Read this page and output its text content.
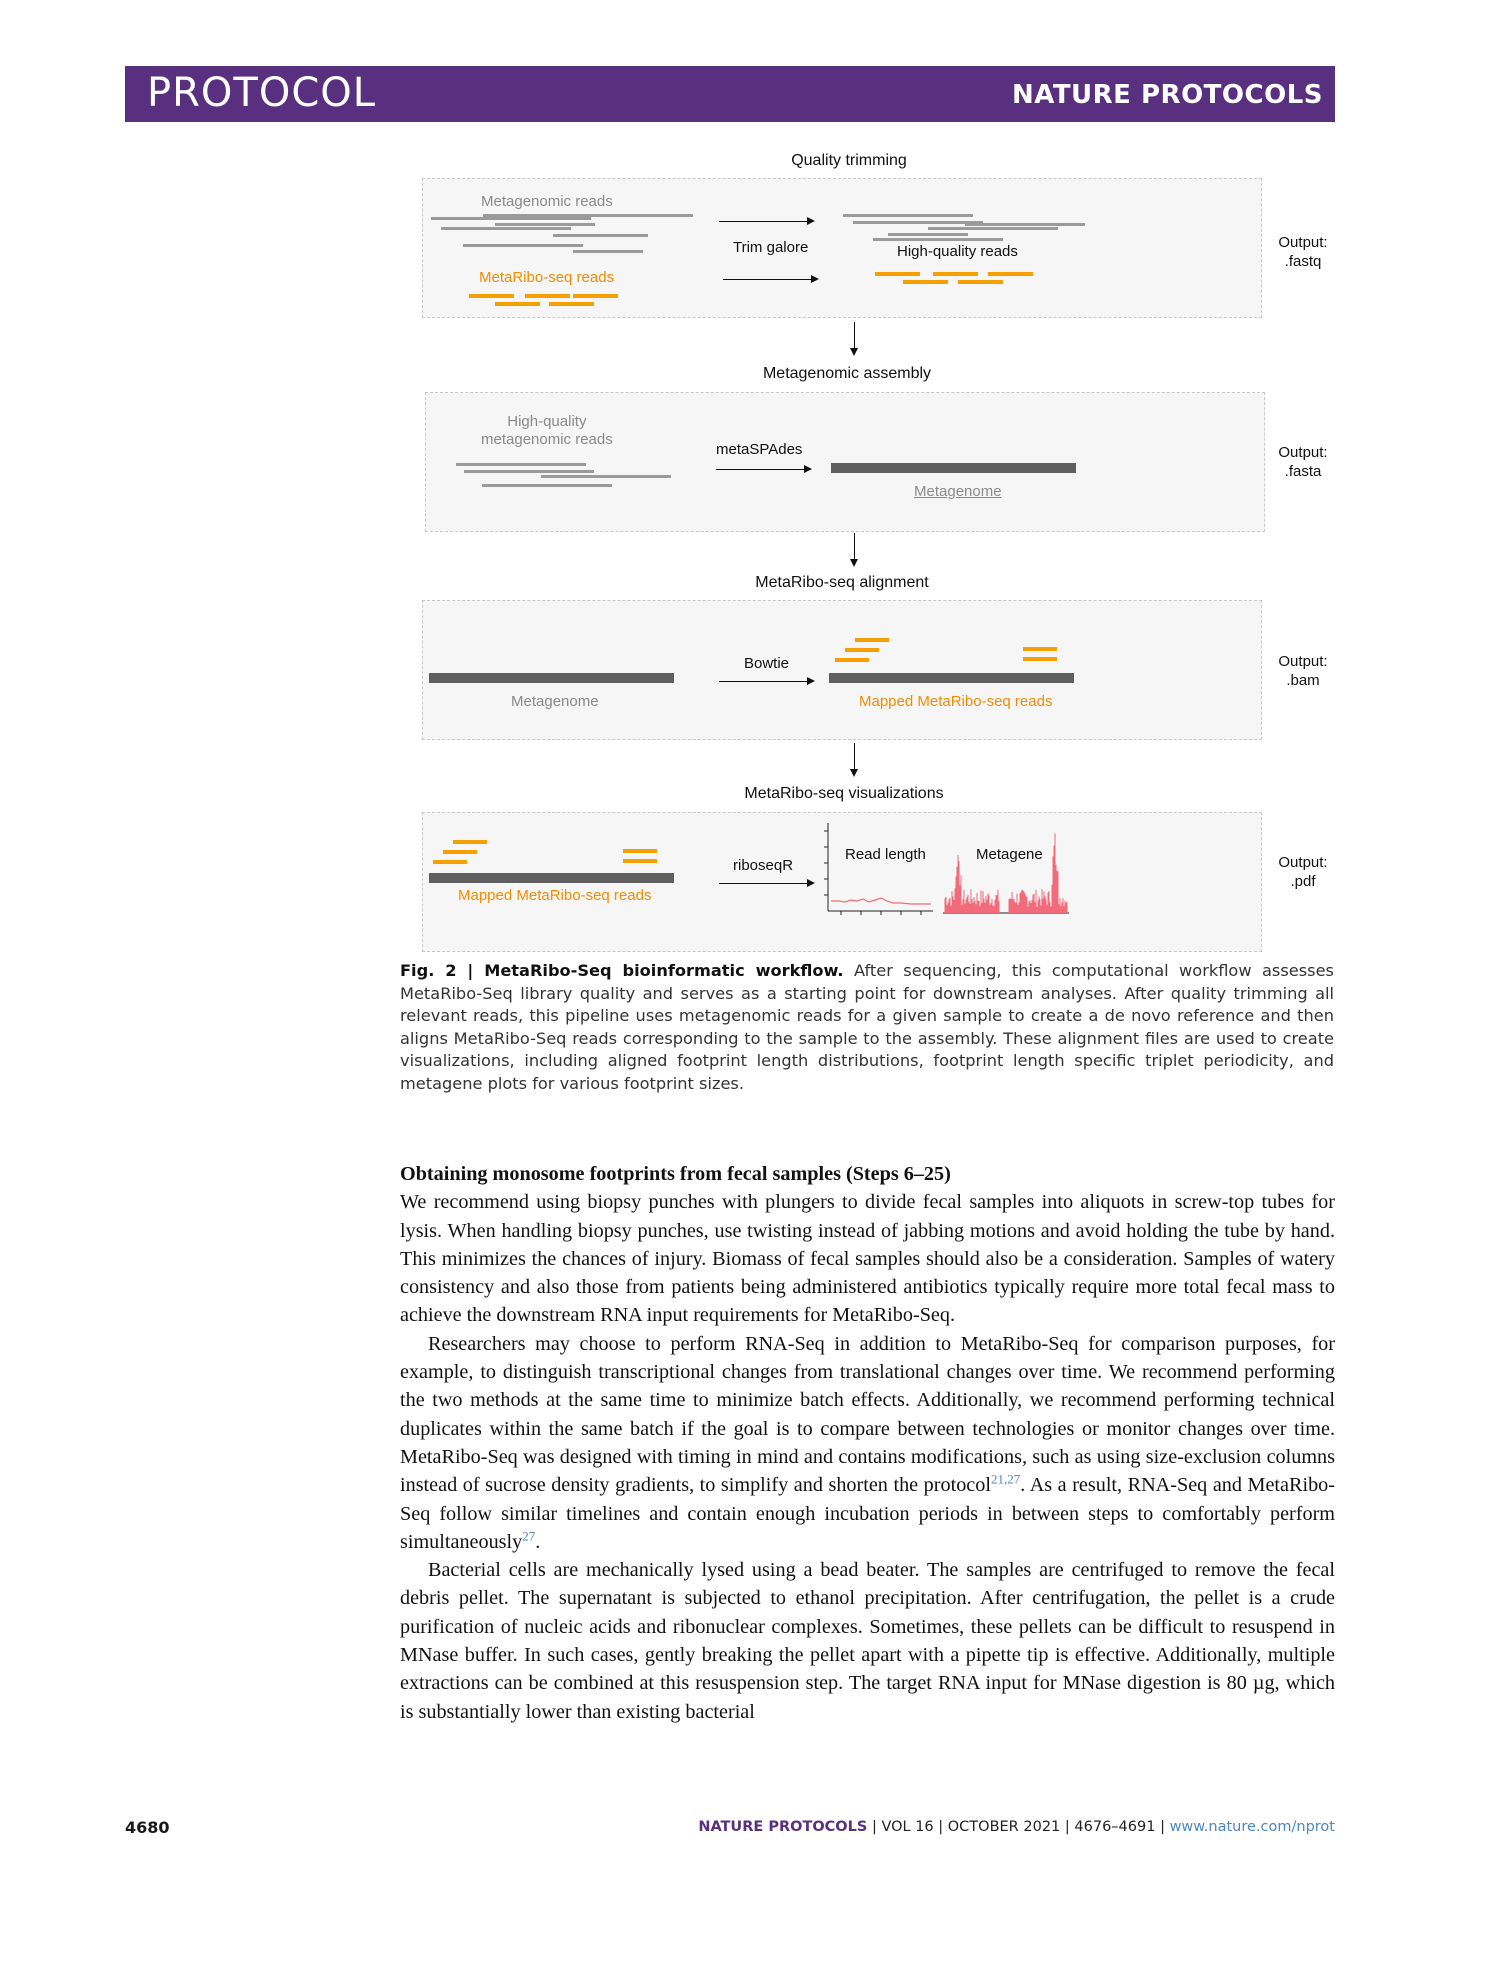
PROTOCOL	NATURE PROTOCOLS
Quality trimming
Metagenomic reads
MetaRibo-seq reads
Trim galore	High-quality reads
Output:
.fastq
Metagenomic assembly
High-quality
metagenomic reads
metaSPAdes
Metagenome
Output:
.fasta
MetaRibo-seq alignment
Metagenome
Bowtie
Mapped MetaRibo-seq reads
Output:
.bam
MetaRibo-seq visualizations
Mapped MetaRibo-seq reads
riboseqR
Read length	Metagene	Output:
.pdf
Fig. 2 | MetaRibo-Seq bioinformatic workflow. After sequencing, this computational workflow assesses MetaRibo-Seq library quality and serves as a starting point for downstream analyses. After quality trimming all relevant reads, this pipeline uses metagenomic reads for a given sample to create a de novo reference and then aligns MetaRibo-Seq reads corresponding to the sample to the assembly. These alignment files are used to create visualizations, including aligned footprint length distributions, footprint length specific triplet periodicity, and metagene plots for various footprint sizes.
Obtaining monosome footprints from fecal samples (Steps 6–25)

We recommend using biopsy punches with plungers to divide fecal samples into aliquots in screw-top tubes for lysis. When handling biopsy punches, use twisting instead of jabbing motions and avoid holding the tube by hand. This minimizes the chances of injury. Biomass of fecal samples should also be a consideration. Samples of watery consistency and also those from patients being administered antibiotics typically require more total fecal mass to achieve the downstream RNA input requirements for MetaRibo-Seq.

Researchers may choose to perform RNA-Seq in addition to MetaRibo-Seq for comparison purposes, for example, to distinguish transcriptional changes from translational changes over time. We recommend performing the two methods at the same time to minimize batch effects. Additionally, we recommend performing technical duplicates within the same batch if the goal is to compare between technologies or monitor changes over time. MetaRibo-Seq was designed with timing in mind and contains modifications, such as using size-exclusion columns instead of sucrose density gradients, to simplify and shorten the protocol$^{21,27}$. As a result, RNA-Seq and MetaRibo-Seq follow similar timelines and contain enough incubation periods in between steps to comfortably perform simultaneously$^{27}$.

Bacterial cells are mechanically lysed using a bead beater. The samples are centrifuged to remove the fecal debris pellet. The supernatant is subjected to ethanol precipitation. After centrifugation, the pellet is a crude purification of nucleic acids and ribonuclear complexes. Sometimes, these pellets can be difficult to resuspend in MNase buffer. In such cases, gently breaking the pellet apart with a pipette tip is effective. Additionally, multiple extractions can be combined at this resuspension step. The target RNA input for MNase digestion is 80 µg, which is substantially lower than existing bacterial

4680	NATURE PROTOCOLS | VOL 16 | OCTOBER 2021 | 4676–4691 | www.nature.com/nprot
